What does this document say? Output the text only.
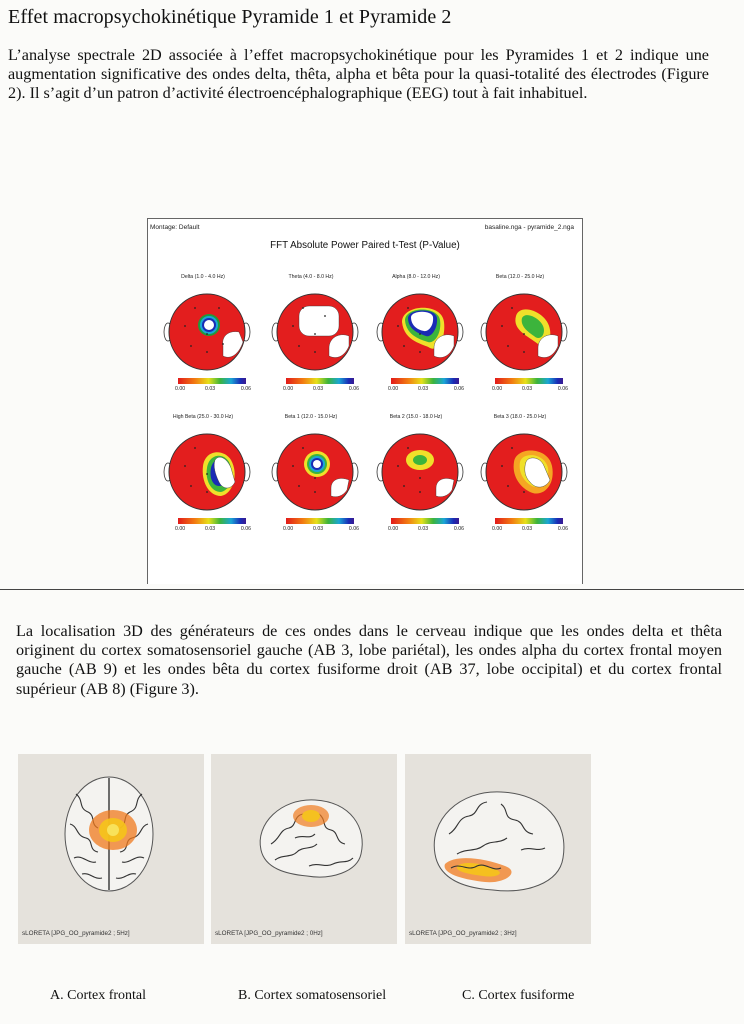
Effet macropsychokinétique Pyramide 1 et Pyramide 2

L’analyse spectrale 2D associée à l’effet macropsychokinétique pour les Pyramides 1 et 2 indique une augmentation significative des ondes delta, thêta, alpha et bêta pour la quasi-totalité des électrodes (Figure 2). Il s’agit d’un patron d’activité électroencéphalographique (EEG) tout à fait inhabituel.

Montage: Default	basaline.nga - pyramide_2.nga
FFT Absolute Power Paired t-Test (P-Value)
Delta (1.0 - 4.0 Hz)
0.00	0.03	0.06
Theta (4.0 - 8.0 Hz)
0.00	0.03	0.06
Alpha (8.0 - 12.0 Hz)
0.00	0.03	0.06
Beta (12.0 - 25.0 Hz)
0.00	0.03	0.06
High Beta (25.0 - 30.0 Hz)
0.00	0.03	0.06
Beta 1 (12.0 - 15.0 Hz)
0.00	0.03	0.06
Beta 2 (15.0 - 18.0 Hz)
0.00	0.03	0.06
Beta 3 (18.0 - 25.0 Hz)
0.00	0.03	0.06

La localisation 3D des générateurs de ces ondes dans le cerveau indique que les ondes delta et thêta originent du cortex somatosensoriel gauche (AB 3, lobe pariétal), les ondes alpha du cortex frontal moyen gauche (AB 9) et les ondes bêta du cortex fusiforme droit (AB 37, lobe occipital) et du cortex frontal supérieur (AB 8) (Figure 3).

sLORETA [JPG_OO_pyramide2 ; 5Hz]	sLORETA [JPG_OO_pyramide2 ; 0Hz]	sLORETA [JPG_OO_pyramide2 ; 3Hz]
A. Cortex frontal	B. Cortex somatosensoriel	C. Cortex fusiforme
